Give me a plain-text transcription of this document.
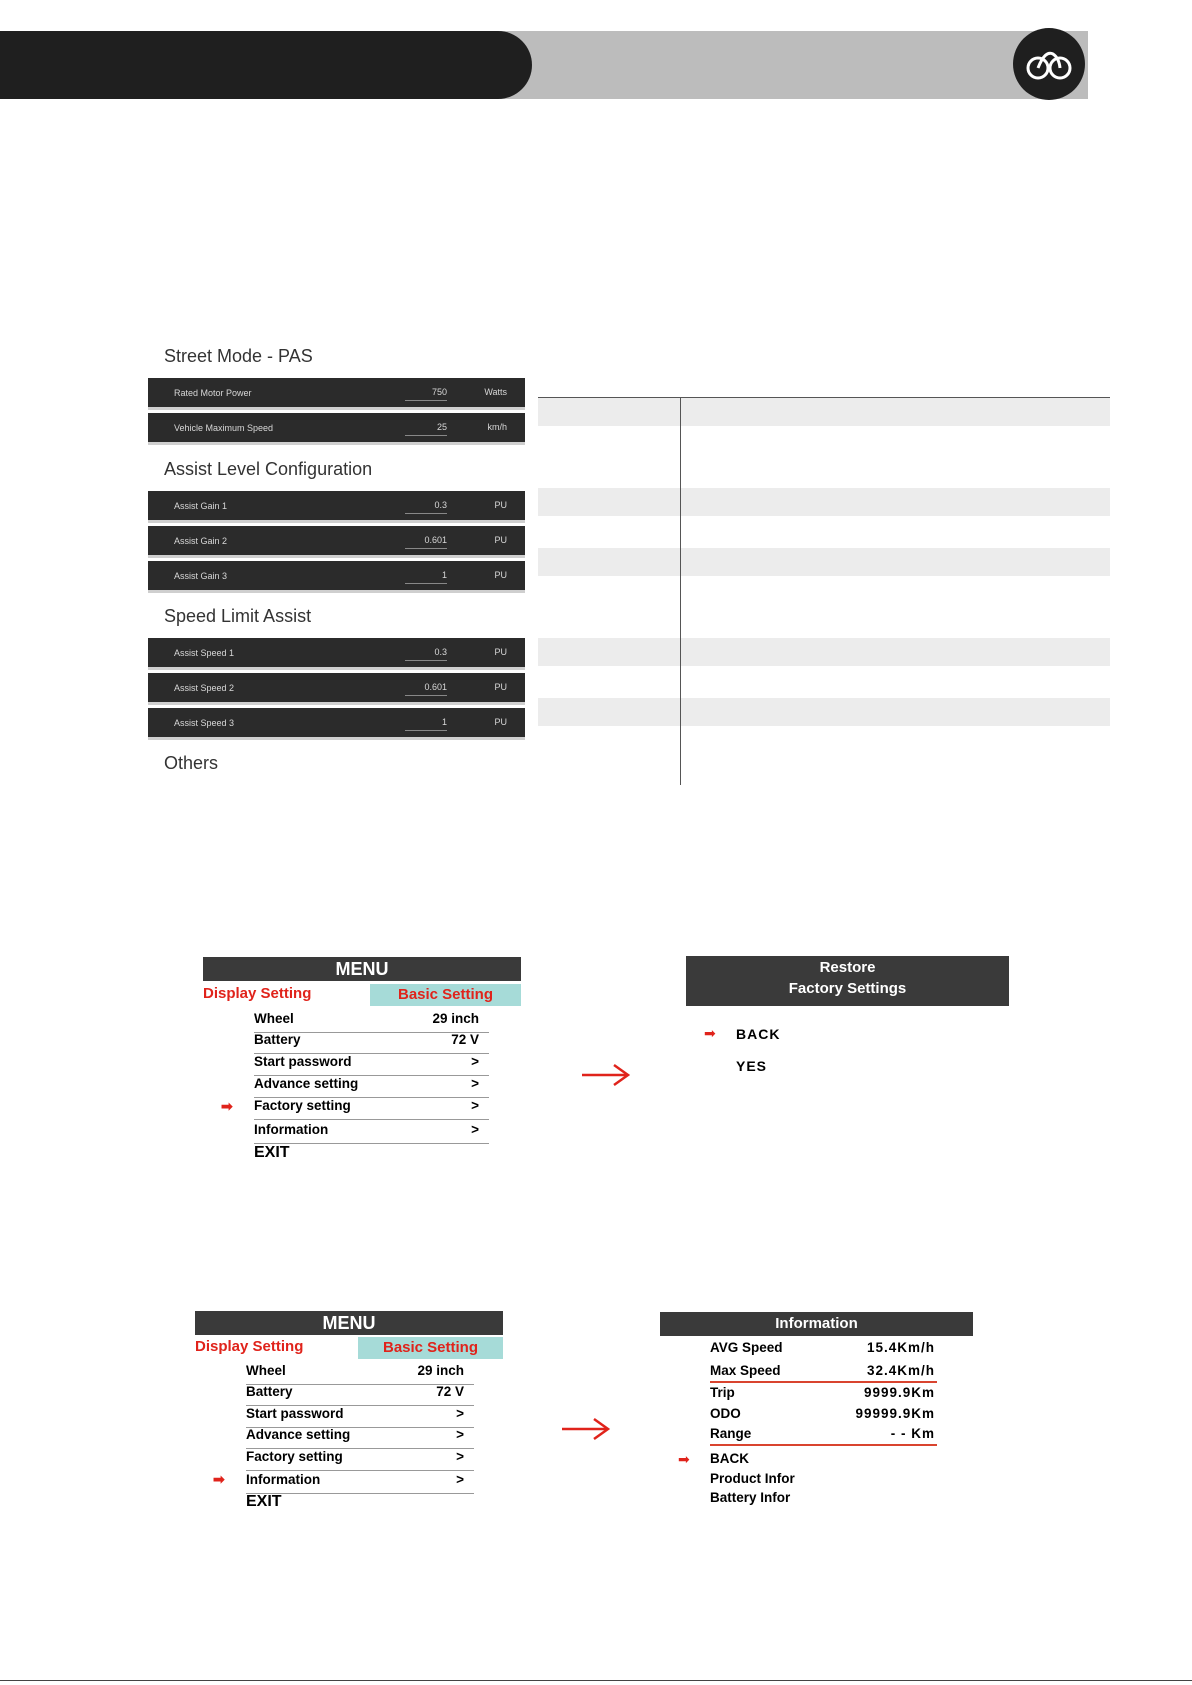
Street Mode - PAS
Rated Motor Power	750	Watts
Vehicle Maximum Speed	25	km/h
Assist Level Configuration
Assist Gain 1	0.3	PU
Assist Gain 2	0.601	PU
Assist Gain 3	1	PU
Speed Limit Assist
Assist Speed 1	0.3	PU
Assist Speed 2	0.601	PU
Assist Speed 3	1	PU
Others
MENU
Display Setting	Basic Setting
Wheel	29 inch
Battery	72 V
Start password	>
Advance setting	>
➡ Factory setting	>
Information	>
EXIT
Restore
Factory Settings
➡ BACK
YES
MENU
Display Setting	Basic Setting
Wheel	29 inch
Battery	72 V
Start password	>
Advance setting	>
Factory setting	>
➡ Information	>
EXIT
Information
AVG Speed	15.4Km/h
Max Speed	32.4Km/h
Trip	9999.9Km
ODO	99999.9Km
Range	- - Km
➡ BACK
Product Infor
Battery Infor
